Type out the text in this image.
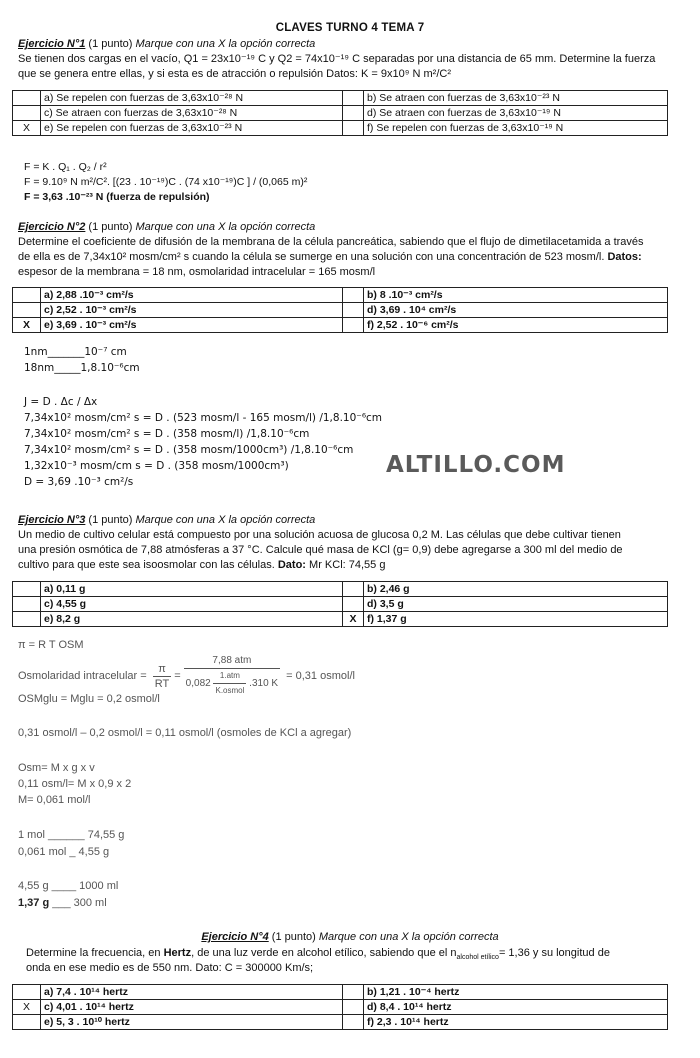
CLAVES TURNO 4 TEMA 7
Ejercicio N°1 (1 punto) Marque con una X la opción correcta
Se tienen dos cargas en el vacío, Q1 = 23x10⁻¹⁹ C y Q2 = 74x10⁻¹⁹ C separadas por una distancia de 65 mm. Determine la fuerza
que se genera entre ellas, y si esta es de atracción o repulsión Datos: K = 9x10⁹ N m²/C²
	a) Se repelen con fuerzas de 3,63x10⁻²⁸ N		b) Se atraen con fuerzas de 3,63x10⁻²³ N
	c) Se atraen con fuerzas de 3,63x10⁻²⁸ N		d) Se atraen con fuerzas de 3,63x10⁻¹⁹ N
X	e) Se repelen con fuerzas de 3,63x10⁻²³ N		f) Se repelen con fuerzas de 3,63x10⁻¹⁹ N
F = K . Q₁ . Q₂ / r²
F = 9.10⁹ N m²/C². [(23 . 10⁻¹⁹)C . (74 x10⁻¹⁹)C ] / (0,065 m)²
F = 3,63 .10⁻²³ N (fuerza de repulsión)
Ejercicio N°2 (1 punto) Marque con una X la opción correcta
Determine el coeficiente de difusión de la membrana de la célula pancreática, sabiendo que el flujo de dimetilacetamida a través
de ella es de 7,34x10² mosm/cm² s cuando la célula se sumerge en una solución con una concentración de 523 mosm/l. Datos:
espesor de la membrana = 18 nm, osmolaridad intracelular = 165 mosm/l
	a) 2,88 .10⁻³ cm²/s		b) 8 .10⁻³ cm²/s
	c) 2,52 . 10⁻³ cm²/s		d) 3,69 . 10⁴ cm²/s
X	e) 3,69 . 10⁻³ cm²/s		f) 2,52 . 10⁻⁶ cm²/s
1nm_______10⁻⁷ cm
18nm_____1,8.10⁻⁶cm
J = D . Δc / Δx
7,34x10² mosm/cm² s = D . (523 mosm/l - 165 mosm/l) /1,8.10⁻⁶cm
7,34x10² mosm/cm² s = D . (358 mosm/l) /1,8.10⁻⁶cm
7,34x10² mosm/cm² s = D . (358 mosm/1000cm³) /1,8.10⁻⁶cm
1,32x10⁻³ mosm/cm s = D . (358 mosm/1000cm³)
D = 3,69 .10⁻³ cm²/s
ALTILLO.COM
Ejercicio N°3 (1 punto) Marque con una X la opción correcta
Un medio de cultivo celular está compuesto por una solución acuosa de glucosa 0,2 M. Las células que debe cultivar tienen
una presión osmótica de 7,88 atmósferas a 37 °C. Calcule qué masa de KCl (g= 0,9) debe agregarse a 300 ml del medio de
cultivo para que este sea isoosmolar con las células. Dato: Mr KCl: 74,55 g
	a) 0,11 g		b) 2,46 g
	c) 4,55 g		d) 3,5 g
	e) 8,2 g	X	f) 1,37 g
π = R T OSM
Osmolaridad intracelular = $\frac{\pi}{RT} = \frac{\text{7,88 atm}}{0,082 \frac{\text{1.atm}}{\text{K.osmol}} .310 K} = 0,31$ osmol/l
OSMglu = Mglu = 0,2 osmol/l
0,31 osmol/l – 0,2 osmol/l = 0,11 osmol/l (osmoles de KCl a agregar)
Osm= M x g x v
0,11 osm/l= M x 0,9 x 2
M= 0,061 mol/l
1 mol ______ 74,55 g
0,061 mol _ 4,55 g
4,55 g ____ 1000 ml
1,37 g ___ 300 ml
Ejercicio N°4 (1 punto) Marque con una X la opción correcta
Determine la frecuencia, en Hertz, de una luz verde en alcohol etílico, sabiendo que el $n_{alcohol etílico}= 1,36$ y su longitud de
onda en ese medio es de 550 nm. Dato: C = 300000 Km/s;
	a) 7,4 . 10¹⁴ hertz		b) 1,21 . 10⁻⁴ hertz
X	c) 4,01 . 10¹⁴ hertz		d) 8,4 . 10¹⁴ hertz
	e) 5, 3 . 10¹⁰ hertz		f) 2,3 . 10¹⁴ hertz
